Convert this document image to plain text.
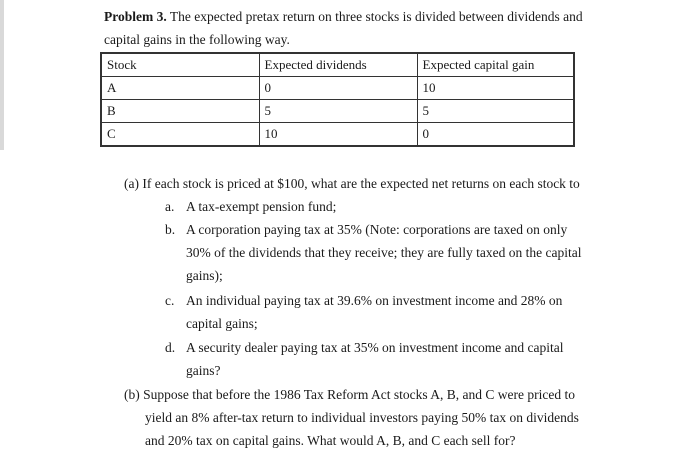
Problem 3. The expected pretax return on three stocks is divided between dividends and
capital gains in the following way.
Stock	Expected dividends	Expected capital gain
A	0	10
B	5	5
C	10	0
(a) If each stock is priced at $100, what are the expected net returns on each stock to
a. A tax-exempt pension fund;
b. A corporation paying tax at 35% (Note: corporations are taxed on only
30% of the dividends that they receive; they are fully taxed on the capital
gains);
c. An individual paying tax at 39.6% on investment income and 28% on
capital gains;
d. A security dealer paying tax at 35% on investment income and capital
gains?
(b) Suppose that before the 1986 Tax Reform Act stocks A, B, and C were priced to
yield an 8% after-tax return to individual investors paying 50% tax on dividends
and 20% tax on capital gains. What would A, B, and C each sell for?
